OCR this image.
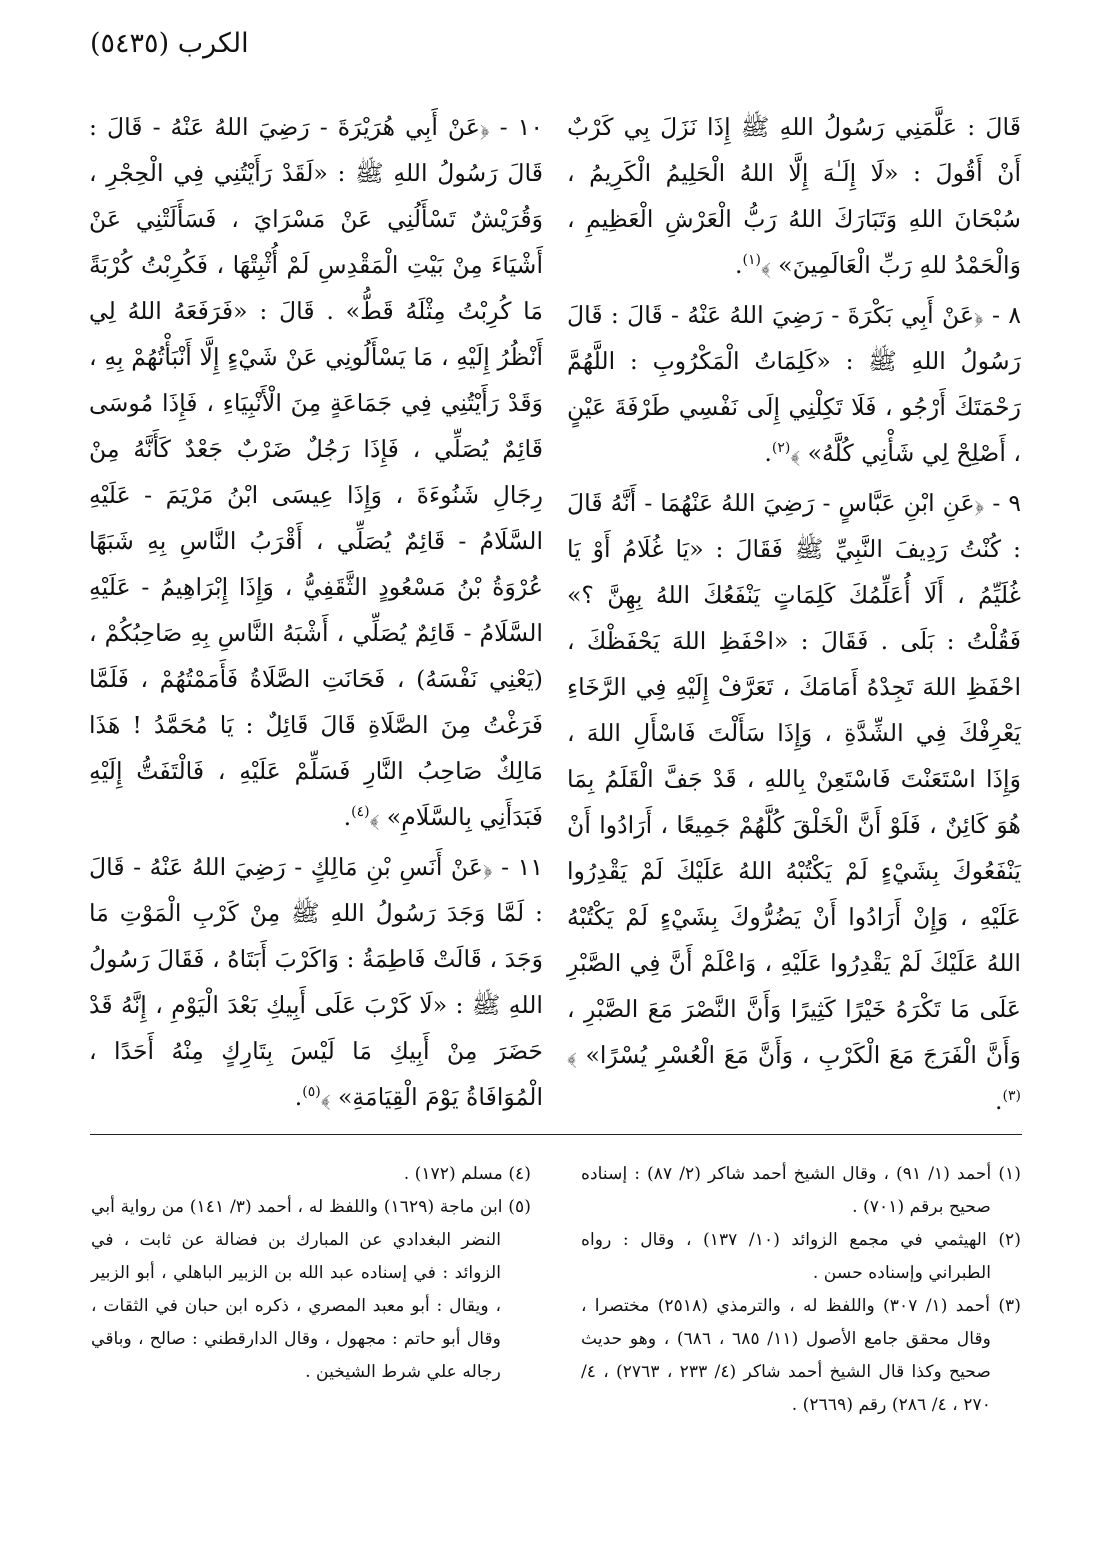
الكرب (٥٤٣٥)

قَالَ : عَلَّمَنِي رَسُولُ اللهِ ﷺ إِذَا نَزَلَ بِي كَرْبٌ أَنْ أَقُولَ : «لَا إِلَـٰهَ إِلَّا اللهُ الْحَلِيمُ الْكَرِيمُ ، سُبْحَانَ اللهِ وَتَبَارَكَ اللهُ رَبُّ الْعَرْشِ الْعَظِيمِ ، وَالْحَمْدُ للهِ رَبِّ الْعَالَمِينَ» ﴾$^{(١)}$.

٨ - ﴿عَنْ أَبِي بَكْرَةَ - رَضِيَ اللهُ عَنْهُ - قَالَ : قَالَ رَسُولُ اللهِ ﷺ : «كَلِمَاتُ الْمَكْرُوبِ : اللَّهُمَّ رَحْمَتَكَ أَرْجُو ، فَلَا تَكِلْنِي إِلَى نَفْسِي طَرْفَةَ عَيْنٍ ، أَصْلِحْ لِي شَأْنِي كُلَّهُ» ﴾$^{(٢)}$.

٩ - ﴿عَنِ ابْنِ عَبَّاسٍ - رَضِيَ اللهُ عَنْهُمَا - أَنَّهُ قَالَ : كُنْتُ رَدِيفَ النَّبِيِّ ﷺ فَقَالَ : «يَا غُلَامُ أَوْ يَا غُلَيِّمُ ، أَلَا أُعَلِّمُكَ كَلِمَاتٍ يَنْفَعُكَ اللهُ بِهِنَّ ؟» فَقُلْتُ : بَلَى . فَقَالَ : «احْفَظِ اللهَ يَحْفَظْكَ ، احْفَظِ اللهَ تَجِدْهُ أَمَامَكَ ، تَعَرَّفْ إِلَيْهِ فِي الرَّخَاءِ يَعْرِفْكَ فِي الشِّدَّةِ ، وَإِذَا سَأَلْتَ فَاسْأَلِ اللهَ ، وَإِذَا اسْتَعَنْتَ فَاسْتَعِنْ بِاللهِ ، قَدْ جَفَّ الْقَلَمُ بِمَا هُوَ كَائِنٌ ، فَلَوْ أَنَّ الْخَلْقَ كُلَّهُمْ جَمِيعًا ، أَرَادُوا أَنْ يَنْفَعُوكَ بِشَيْءٍ لَمْ يَكْتُبْهُ اللهُ عَلَيْكَ لَمْ يَقْدِرُوا عَلَيْهِ ، وَإِنْ أَرَادُوا أَنْ يَضُرُّوكَ بِشَيْءٍ لَمْ يَكْتُبْهُ اللهُ عَلَيْكَ لَمْ يَقْدِرُوا عَلَيْهِ ، وَاعْلَمْ أَنَّ فِي الصَّبْرِ عَلَى مَا تَكْرَهُ خَيْرًا كَثِيرًا وَأَنَّ النَّصْرَ مَعَ الصَّبْرِ ، وَأَنَّ الْفَرَجَ مَعَ الْكَرْبِ ، وَأَنَّ مَعَ الْعُسْرِ يُسْرًا» ﴾$^{(٣)}$.

١٠ - ﴿عَنْ أَبِي هُرَيْرَةَ - رَضِيَ اللهُ عَنْهُ - قَالَ : قَالَ رَسُولُ اللهِ ﷺ : «لَقَدْ رَأَيْتُنِي فِي الْحِجْرِ ، وَقُرَيْشٌ تَسْأَلُنِي عَنْ مَسْرَايَ ، فَسَأَلَتْنِي عَنْ أَشْيَاءَ مِنْ بَيْتِ الْمَقْدِسِ لَمْ أُثْبِتْهَا ، فَكُرِبْتُ كُرْبَةً مَا كُرِبْتُ مِثْلَهُ قَطُّ» . قَالَ : «فَرَفَعَهُ اللهُ لِي أَنْظُرُ إِلَيْهِ ، مَا يَسْأَلُونِي عَنْ شَيْءٍ إِلَّا أَنْبَأْتُهُمْ بِهِ ، وَقَدْ رَأَيْتُنِي فِي جَمَاعَةٍ مِنَ الْأَنْبِيَاءِ ، فَإِذَا مُوسَى قَائِمٌ يُصَلِّي ، فَإِذَا رَجُلٌ ضَرْبٌ جَعْدٌ كَأَنَّهُ مِنْ رِجَالِ شَنُوءَةَ ، وَإِذَا عِيسَى ابْنُ مَرْيَمَ - عَلَيْهِ السَّلَامُ - قَائِمٌ يُصَلِّي ، أَقْرَبُ النَّاسِ بِهِ شَبَهًا عُرْوَةُ بْنُ مَسْعُودٍ الثَّقَفِيُّ ، وَإِذَا إِبْرَاهِيمُ - عَلَيْهِ السَّلَامُ - قَائِمٌ يُصَلِّي ، أَشْبَهُ النَّاسِ بِهِ صَاحِبُكُمْ ، (يَعْنِي نَفْسَهُ) ، فَحَانَتِ الصَّلَاةُ فَأَمَمْتُهُمْ ، فَلَمَّا فَرَغْتُ مِنَ الصَّلَاةِ قَالَ قَائِلٌ : يَا مُحَمَّدُ ! هَذَا مَالِكٌ صَاحِبُ النَّارِ فَسَلِّمْ عَلَيْهِ ، فَالْتَفَتُّ إِلَيْهِ فَبَدَأَنِي بِالسَّلَامِ» ﴾$^{(٤)}$.

١١ - ﴿عَنْ أَنَسِ بْنِ مَالِكٍ - رَضِيَ اللهُ عَنْهُ - قَالَ : لَمَّا وَجَدَ رَسُولُ اللهِ ﷺ مِنْ كَرْبِ الْمَوْتِ مَا وَجَدَ ، قَالَتْ فَاطِمَةُ : وَاكَرْبَ أَبَتَاهُ ، فَقَالَ رَسُولُ اللهِ ﷺ : «لَا كَرْبَ عَلَى أَبِيكِ بَعْدَ الْيَوْمِ ، إِنَّهُ قَدْ حَضَرَ مِنْ أَبِيكِ مَا لَيْسَ بِتَارِكٍ مِنْهُ أَحَدًا ، الْمُوَافَاةُ يَوْمَ الْقِيَامَةِ» ﴾$^{(٥)}$.

(١) أحمد (١/ ٩١) ، وقال الشيخ أحمد شاكر (٢/ ٨٧) : إسناده صحيح برقم (٧٠١) .

(٢) الهيثمي في مجمع الزوائد (١٠/ ١٣٧) ، وقال : رواه الطبراني وإسناده حسن .

(٣) أحمد (١/ ٣٠٧) واللفظ له ، والترمذي (٢٥١٨) مختصرا ، وقال محقق جامع الأصول (١١/ ٦٨٥ ، ٦٨٦) ، وهو حديث صحيح وكذا قال الشيخ أحمد شاكر (٤/ ٢٣٣ ، ٢٧٦٣) ، ٤/ ٢٧٠ ، ٤/ ٢٨٦) رقم (٢٦٦٩) .

(٤) مسلم (١٧٢) .

(٥) ابن ماجة (١٦٢٩) واللفظ له ، أحمد (٣/ ١٤١) من رواية أبي النضر البغدادي عن المبارك بن فضالة عن ثابت ، في الزوائد : في إسناده عبد الله بن الزبير الباهلي ، أبو الزبير ، ويقال : أبو معبد المصري ، ذكره ابن حبان في الثقات ، وقال أبو حاتم : مجهول ، وقال الدارقطني : صالح ، وباقي رجاله علي شرط الشيخين .
